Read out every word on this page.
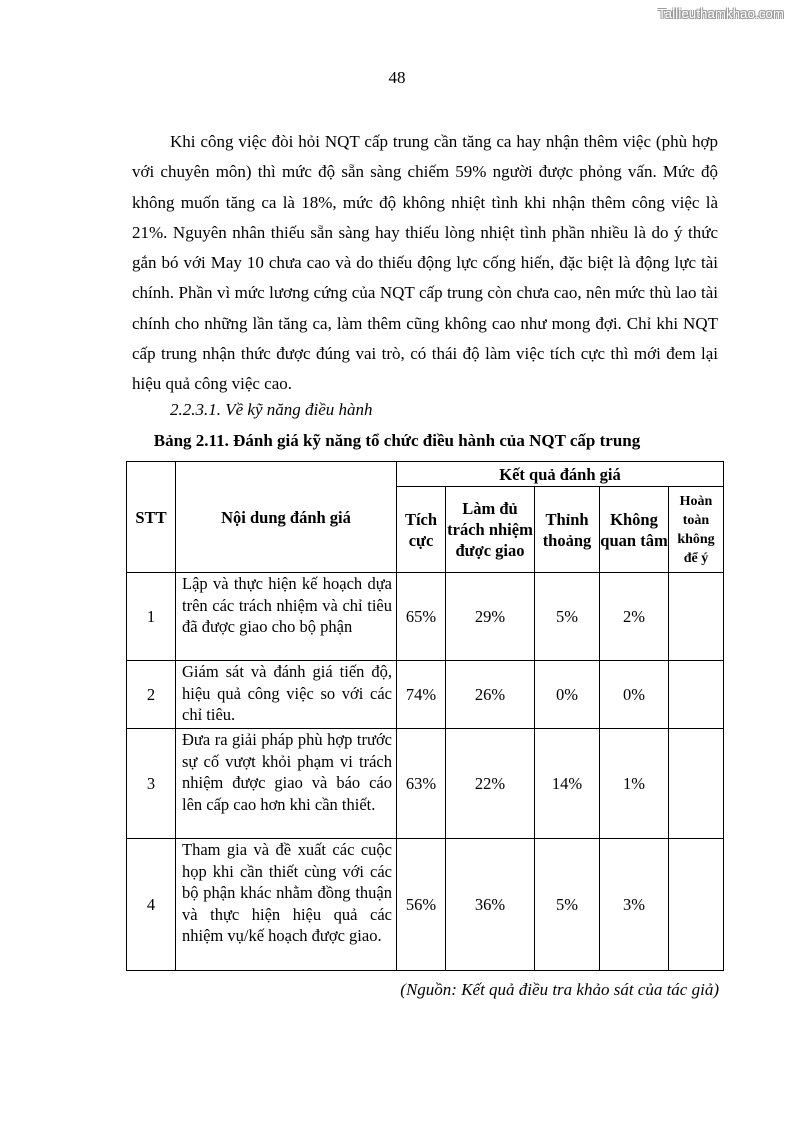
Tailieuthamkhao.com
48

Khi công việc đòi hỏi NQT cấp trung cần tăng ca hay nhận thêm việc (phù hợp với chuyên môn) thì mức độ sẵn sàng chiếm 59% người được phỏng vấn. Mức độ không muốn tăng ca là 18%, mức độ không nhiệt tình khi nhận thêm công việc là 21%. Nguyên nhân thiếu sẵn sàng hay thiếu lòng nhiệt tình phần nhiều là do ý thức gắn bó với May 10 chưa cao và do thiếu động lực cống hiến, đặc biệt là động lực tài chính. Phần vì mức lương cứng của NQT cấp trung còn chưa cao, nên mức thù lao tài chính cho những lần tăng ca, làm thêm cũng không cao như mong đợi. Chỉ khi NQT cấp trung nhận thức được đúng vai trò, có thái độ làm việc tích cực thì mới đem lại hiệu quả công việc cao.

2.2.3.1. Về kỹ năng điều hành
Bảng 2.11. Đánh giá kỹ năng tổ chức điều hành của NQT cấp trung
STT	Nội dung đánh giá	Kết quả đánh giá				
		Tích cực	Làm đủ trách nhiệm được giao	Thỉnh thoảng	Không quan tâm	Hoàn toàn không để ý
1	Lập và thực hiện kế hoạch dựa trên các trách nhiệm và chỉ tiêu đã được giao cho bộ phận	65%	29%	5%	2%	
2	Giám sát và đánh giá tiến độ, hiệu quả công việc so với các chỉ tiêu.	74%	26%	0%	0%	
3	Đưa ra giải pháp phù hợp trước sự cố vượt khỏi phạm vi trách nhiệm được giao và báo cáo lên cấp cao hơn khi cần thiết.	63%	22%	14%	1%	
4	Tham gia và đề xuất các cuộc họp khi cần thiết cùng với các bộ phận khác nhằm đồng thuận và thực hiện hiệu quả các nhiệm vụ/kế hoạch được giao.	56%	36%	5%	3%	
(Nguồn: Kết quả điều tra khảo sát của tác giả)
